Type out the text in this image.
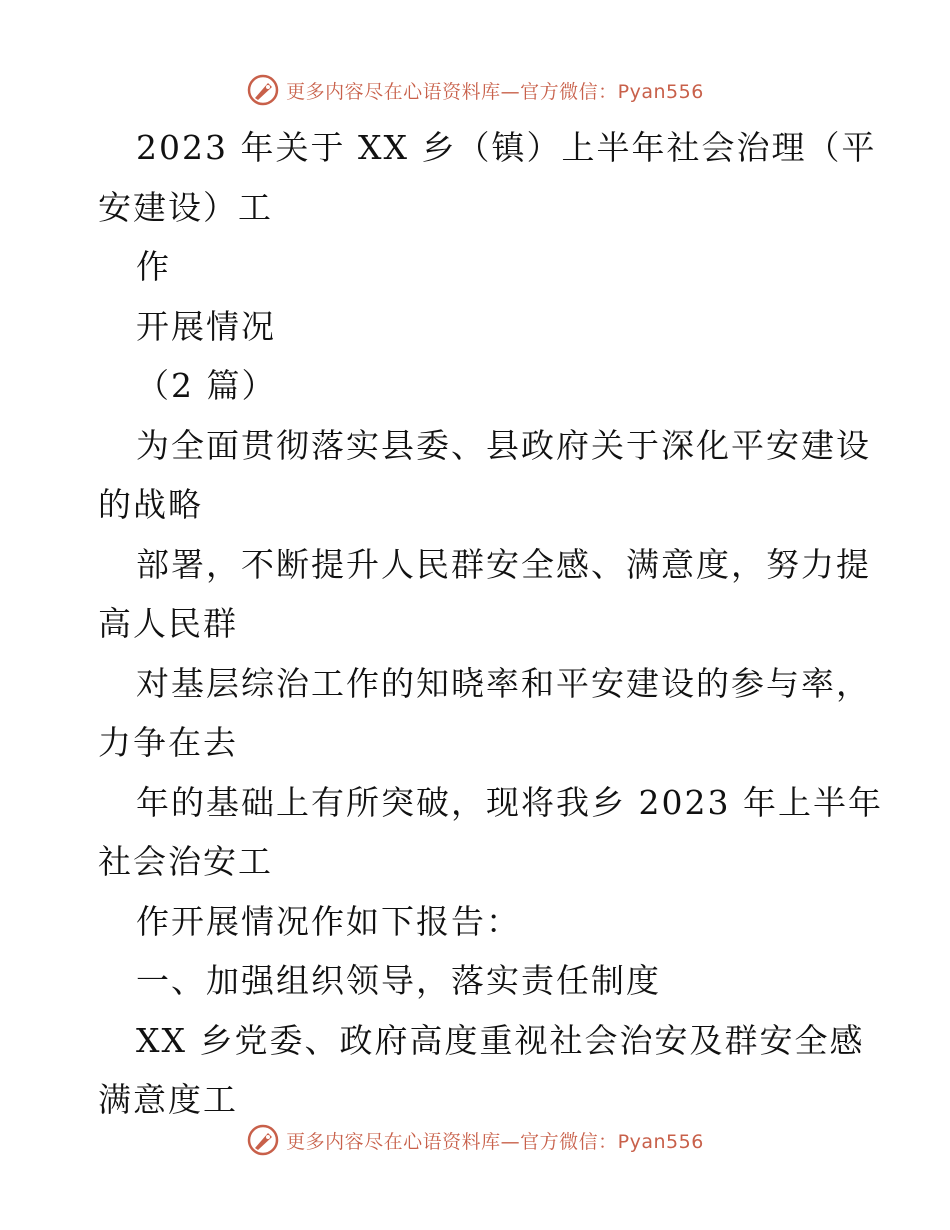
更多内容尽在心语资料库—官方微信：Pyan556
2023 年关于 XX 乡（镇）上半年社会治理（平
安建设）工
作
开展情况
（2 篇）
为全面贯彻落实县委、县政府关于深化平安建设
的战略
部署，不断提升人民群安全感、满意度，努力提
高人民群
对基层综治工作的知晓率和平安建设的参与率，
力争在去
年的基础上有所突破，现将我乡 2023 年上半年
社会治安工
作开展情况作如下报告：
一、加强组织领导，落实责任制度
XX 乡党委、政府高度重视社会治安及群安全感
满意度工
更多内容尽在心语资料库—官方微信：Pyan556
